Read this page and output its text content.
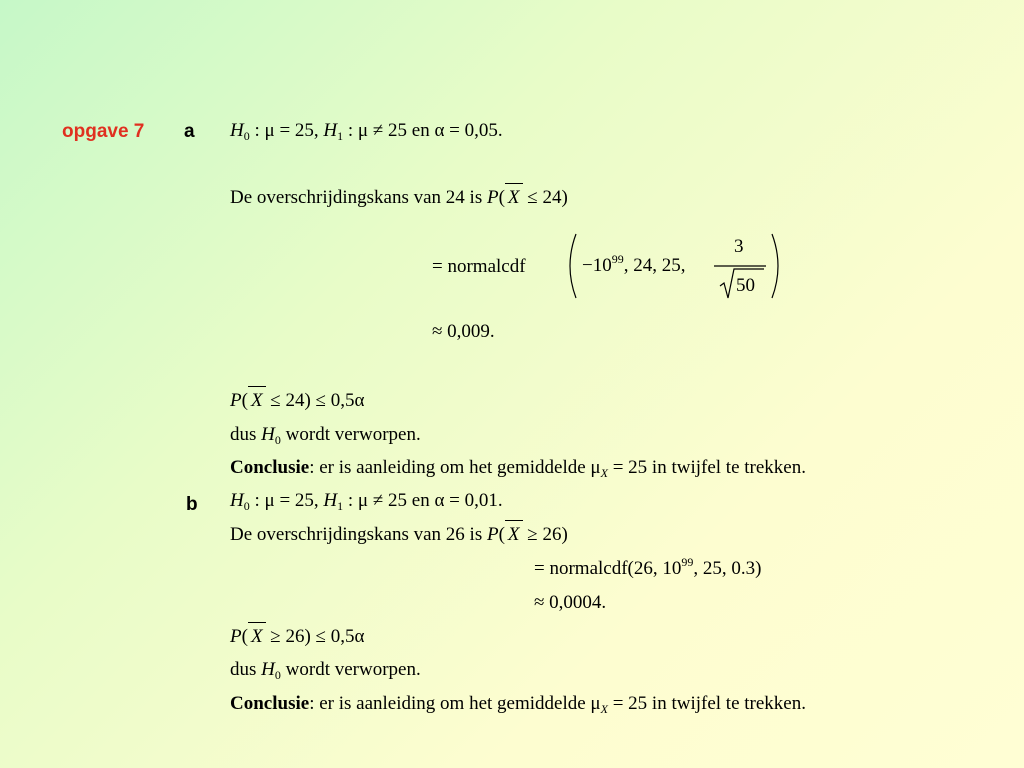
opgave 7 a $H_0$ : μ = 25, $H_1$ : μ ≠ 25 en α = 0,05.
De overschrijdingskans van 24 is P( X ≤ 24)
= normalcdf	$-10^{99}$, 24, 25,
3
50
≈ 0,009.
P( X ≤ 24) ≤ 0,5α
dus $H_0$ wordt verworpen.
Conclusie: er is aanleiding om het gemiddelde $\mu_X = 25$ in twijfel te trekken.
b $H_0$ : μ = 25, $H_1$ : μ ≠ 25 en α = 0,01.
De overschrijdingskans van 26 is P( X ≥ 26)
= normalcdf(26, $10^{99}$, 25, 0.3)
≈ 0,0004.
P( X ≥ 26) ≤ 0,5α
dus $H_0$ wordt verworpen.
Conclusie: er is aanleiding om het gemiddelde $\mu_X = 25$ in twijfel te trekken.
